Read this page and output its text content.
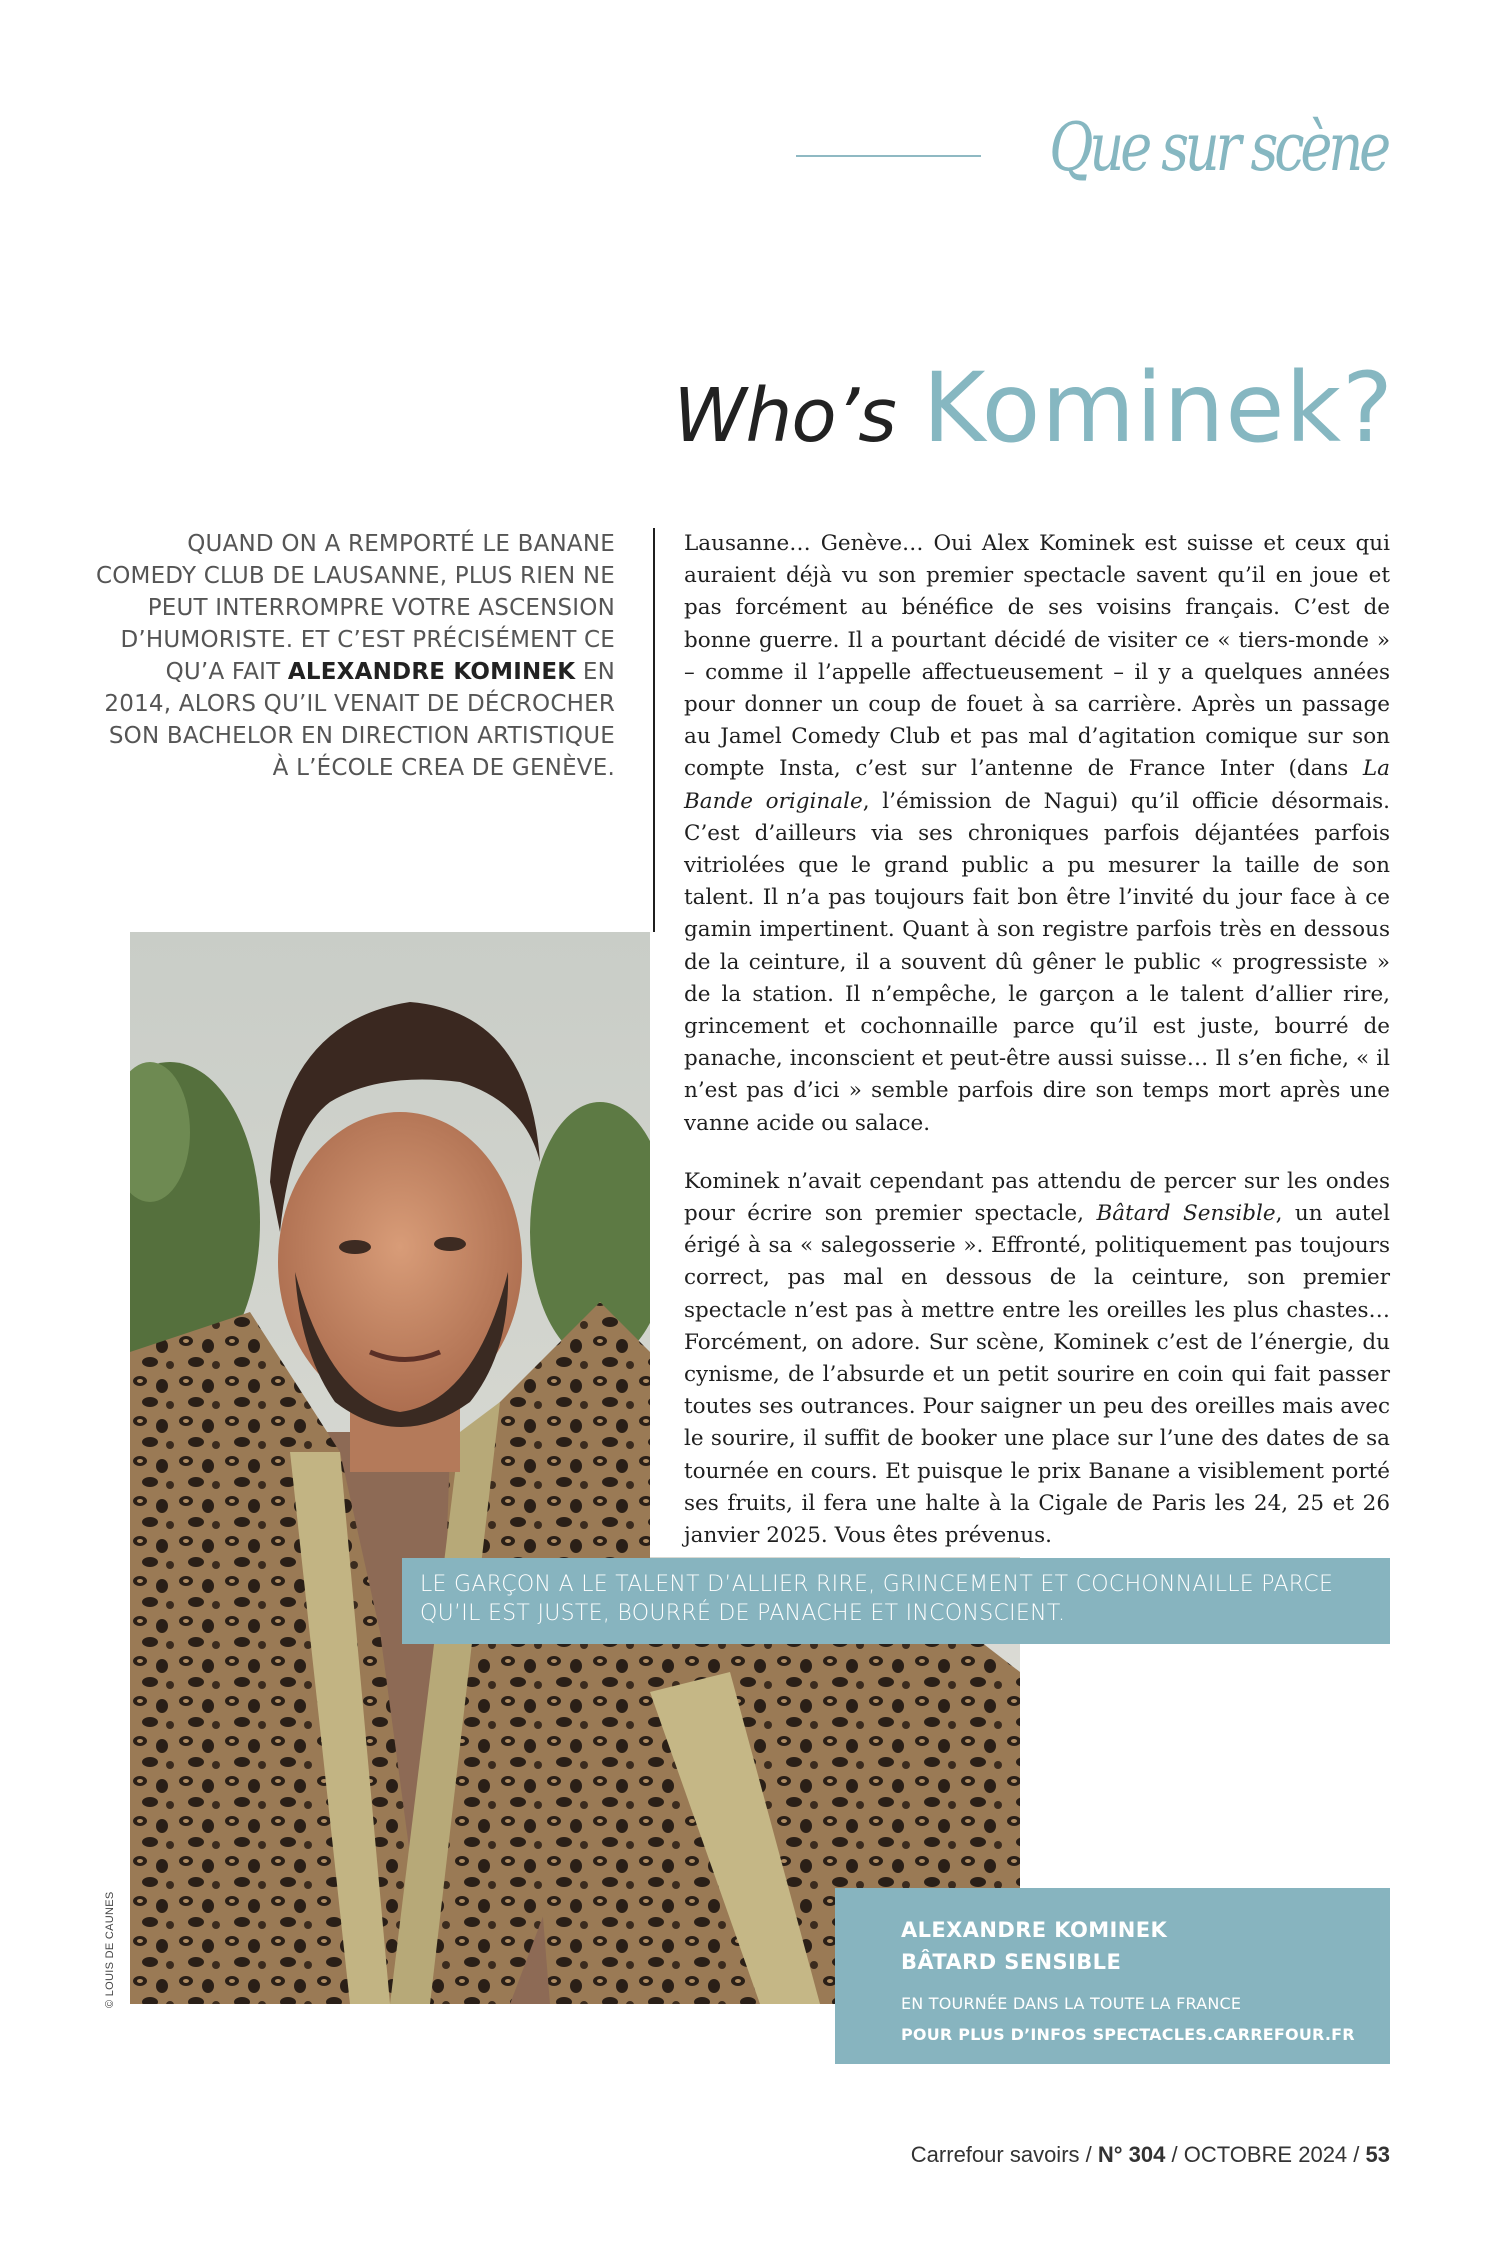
Que sur scène
Who’s Kominek?
QUAND ON A REMPORTÉ LE BANANE COMEDY CLUB DE LAUSANNE, PLUS RIEN NE PEUT INTERROMPRE VOTRE ASCENSION D’HUMORISTE. ET C’EST PRÉCISÉMENT CE QU’A FAIT ALEXANDRE KOMINEK EN 2014, ALORS QU’IL VENAIT DE DÉCROCHER SON BACHELOR EN DIRECTION ARTISTIQUE À L’ÉCOLE CREA DE GENÈVE.

Lausanne… Genève… Oui Alex Kominek est suisse et ceux qui auraient déjà vu son premier spectacle savent qu’il en joue et pas forcément au bénéfice de ses voisins français. C’est de bonne guerre. Il a pourtant décidé de visiter ce « tiers-monde » – comme il l’appelle affectueusement – il y a quelques années pour donner un coup de fouet à sa carrière. Après un passage au Jamel Comedy Club et pas mal d’agitation comique sur son compte Insta, c’est sur l’antenne de France Inter (dans La Bande originale, l’émission de Nagui) qu’il officie désormais. C’est d’ailleurs via ses chroniques parfois déjantées parfois vitriolées que le grand public a pu mesurer la taille de son talent. Il n’a pas toujours fait bon être l’invité du jour face à ce gamin impertinent. Quant à son registre parfois très en dessous de la ceinture, il a souvent dû gêner le public « progressiste » de la station. Il n’empêche, le garçon a le talent d’allier rire, grincement et cochonnaille parce qu’il est juste, bourré de panache, inconscient et peut-être aussi suisse… Il s’en fiche, « il n’est pas d’ici » semble parfois dire son temps mort après une vanne acide ou salace.

Kominek n’avait cependant pas attendu de percer sur les ondes pour écrire son premier spectacle, Bâtard Sensible, un autel érigé à sa « salegosserie ». Effronté, politiquement pas toujours correct, pas mal en dessous de la ceinture, son premier spectacle n’est pas à mettre entre les oreilles les plus chastes… Forcément, on adore. Sur scène, Kominek c’est de l’énergie, du cynisme, de l’absurde et un petit sourire en coin qui fait passer toutes ses outrances. Pour saigner un peu des oreilles mais avec le sourire, il suffit de booker une place sur l’une des dates de sa tournée en cours. Et puisque le prix Banane a visiblement porté ses fruits, il fera une halte à la Cigale de Paris les 24, 25 et 26 janvier 2025. Vous êtes prévenus.

LE GARÇON A LE TALENT D’ALLIER RIRE, GRINCEMENT ET COCHONNAILLE PARCE QU’IL EST JUSTE, BOURRÉ DE PANACHE ET INCONSCIENT.
© LOUIS DE CAUNES	ALEXANDRE KOMINEK
BÂTARD SENSIBLE
EN TOURNÉE DANS LA TOUTE LA FRANCE
POUR PLUS D’INFOS SPECTACLES.CARREFOUR.FR
Carrefour savoirs / N° 304 / OCTOBRE 2024 / 53
